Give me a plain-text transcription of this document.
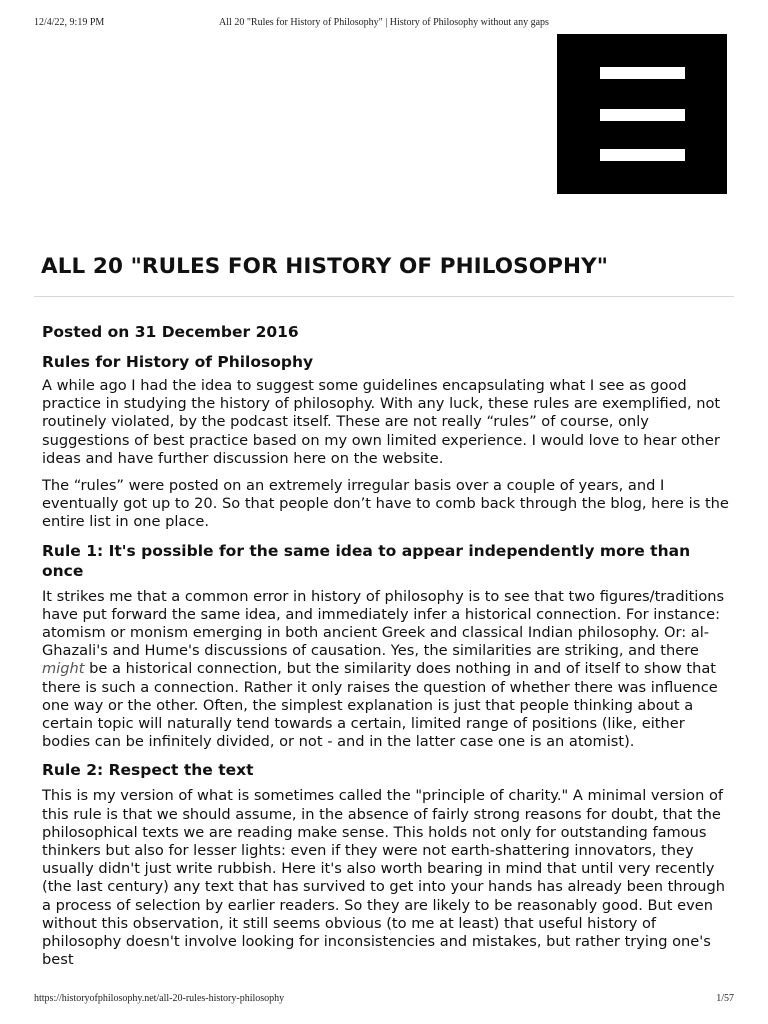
12/4/22, 9:19 PM	All 20 "Rules for History of Philosophy" | History of Philosophy without any gaps
ALL 20 "RULES FOR HISTORY OF PHILOSOPHY"
Posted on 31 December 2016
Rules for History of Philosophy

A while ago I had the idea to suggest some guidelines encapsulating what I see as good practice in studying the history of philosophy. With any luck, these rules are exemplified, not routinely violated, by the podcast itself. These are not really “rules” of course, only suggestions of best practice based on my own limited experience. I would love to hear other ideas and have further discussion here on the website.

The “rules” were posted on an extremely irregular basis over a couple of years, and I eventually got up to 20. So that people don’t have to comb back through the blog, here is the entire list in one place.

Rule 1: It's possible for the same idea to appear independently more than once

It strikes me that a common error in history of philosophy is to see that two figures/traditions have put forward the same idea, and immediately infer a historical connection. For instance: atomism or monism emerging in both ancient Greek and classical Indian philosophy. Or: al-Ghazali's and Hume's discussions of causation. Yes, the similarities are striking, and there might be a historical connection, but the similarity does nothing in and of itself to show that there is such a connection. Rather it only raises the question of whether there was influence one way or the other. Often, the simplest explanation is just that people thinking about a certain topic will naturally tend towards a certain, limited range of positions (like, either bodies can be infinitely divided, or not - and in the latter case one is an atomist).

Rule 2: Respect the text

This is my version of what is sometimes called the "principle of charity." A minimal version of this rule is that we should assume, in the absence of fairly strong reasons for doubt, that the philosophical texts we are reading make sense. This holds not only for outstanding famous thinkers but also for lesser lights: even if they were not earth-shattering innovators, they usually didn't just write rubbish. Here it's also worth bearing in mind that until very recently (the last century) any text that has survived to get into your hands has already been through a process of selection by earlier readers. So they are likely to be reasonably good. But even without this observation, it still seems obvious (to me at least) that useful history of philosophy doesn't involve looking for inconsistencies and mistakes, but rather trying one's best

https://historyofphilosophy.net/all-20-rules-history-philosophy	1/57
